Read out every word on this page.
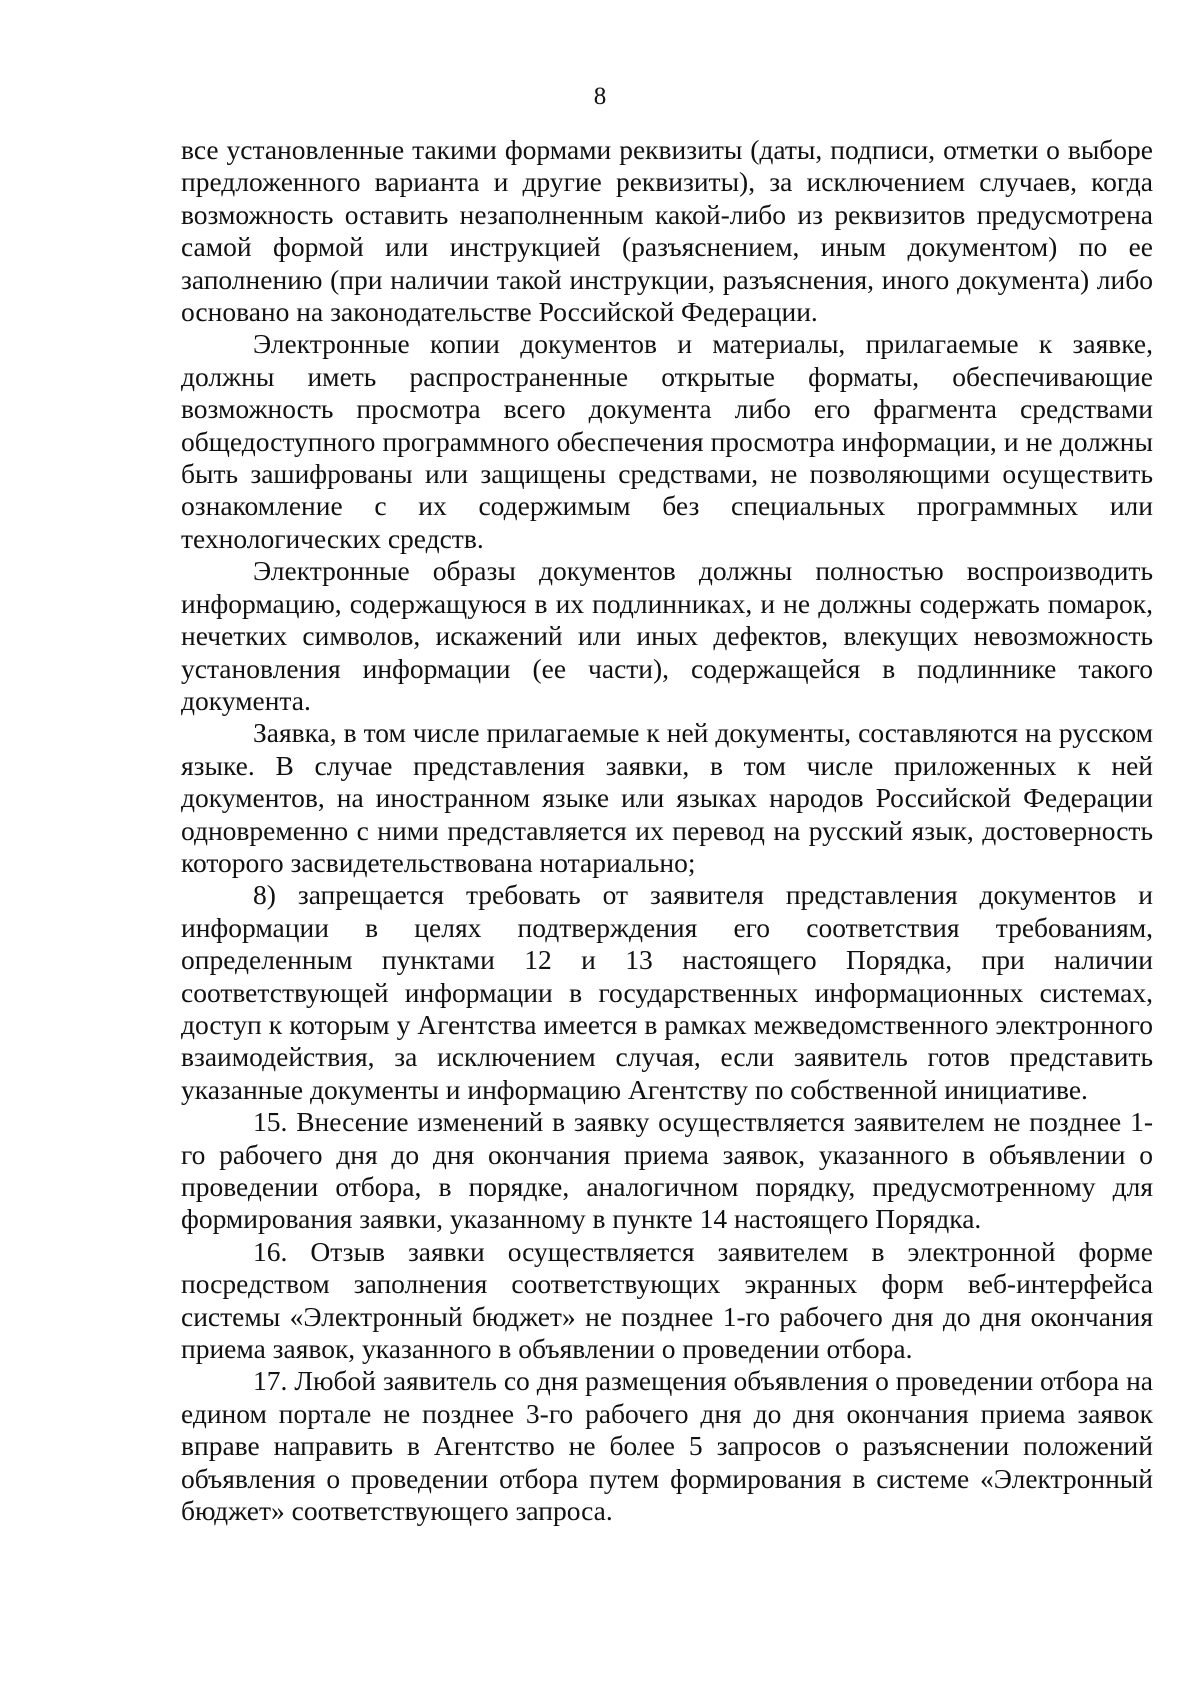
8

все установленные такими формами реквизиты (даты, подписи, отметки о выборе предложенного варианта и другие реквизиты), за исключением случаев, когда возможность оставить незаполненным какой-либо из реквизитов предусмотрена самой формой или инструкцией (разъяснением, иным документом) по ее заполнению (при наличии такой инструкции, разъяснения, иного документа) либо основано на законодательстве Российской Федерации.

Электронные копии документов и материалы, прилагаемые к заявке, должны иметь распространенные открытые форматы, обеспечивающие возможность просмотра всего документа либо его фрагмента средствами общедоступного программного обеспечения просмотра информации, и не должны быть зашифрованы или защищены средствами, не позволяющими осуществить ознакомление с их содержимым без специальных программных или технологических средств.

Электронные образы документов должны полностью воспроизводить информацию, содержащуюся в их подлинниках, и не должны содержать помарок, нечетких символов, искажений или иных дефектов, влекущих невозможность установления информации (ее части), содержащейся в подлиннике такого документа.

Заявка, в том числе прилагаемые к ней документы, составляются на русском языке. В случае представления заявки, в том числе приложенных к ней документов, на иностранном языке или языках народов Российской Федерации одновременно с ними представляется их перевод на русский язык, достоверность которого засвидетельствована нотариально;

8) запрещается требовать от заявителя представления документов и информации в целях подтверждения его соответствия требованиям, определенным пунктами 12 и 13 настоящего Порядка, при наличии соответствующей информации в государственных информационных системах, доступ к которым у Агентства имеется в рамках межведомственного электронного взаимодействия, за исключением случая, если заявитель готов представить указанные документы и информацию Агентству по собственной инициативе.

15. Внесение изменений в заявку осуществляется заявителем не позднее 1-го рабочего дня до дня окончания приема заявок, указанного в объявлении о проведении отбора, в порядке, аналогичном порядку, предусмотренному для формирования заявки, указанному в пункте 14 настоящего Порядка.

16. Отзыв заявки осуществляется заявителем в электронной форме посредством заполнения соответствующих экранных форм веб-интерфейса системы «Электронный бюджет» не позднее 1-го рабочего дня до дня окончания приема заявок, указанного в объявлении о проведении отбора.

17. Любой заявитель со дня размещения объявления о проведении отбора на едином портале не позднее 3-го рабочего дня до дня окончания приема заявок вправе направить в Агентство не более 5 запросов о разъяснении положений объявления о проведении отбора путем формирования в системе «Электронный бюджет» соответствующего запроса.
